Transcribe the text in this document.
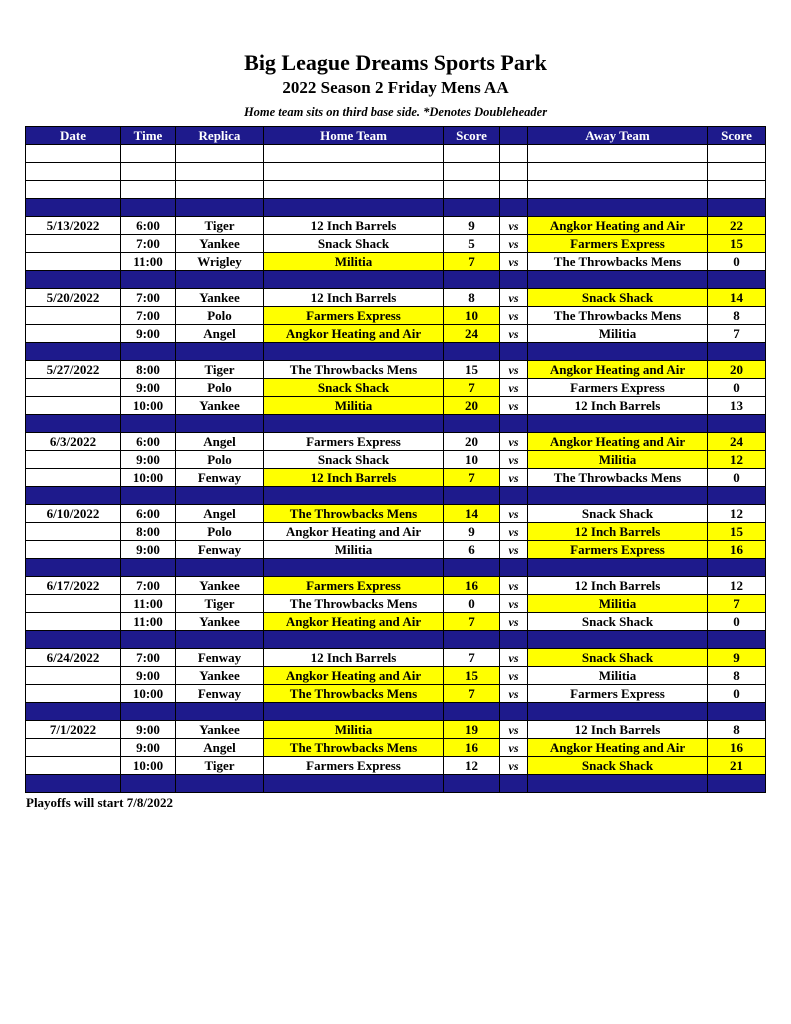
Big League Dreams Sports Park
2022 Season 2 Friday Mens AA
Home team sits on third base side. *Denotes Doubleheader
Date	Time	Replica	Home Team	Score		Away Team	Score

5/13/2022	6:00	Tiger	12 Inch Barrels	9	vs	Angkor Heating and Air	22
	7:00	Yankee	Snack Shack	5	vs	Farmers Express	15
	11:00	Wrigley	Militia	7	vs	The Throwbacks Mens	0

5/20/2022	7:00	Yankee	12 Inch Barrels	8	vs	Snack Shack	14
	7:00	Polo	Farmers Express	10	vs	The Throwbacks Mens	8
	9:00	Angel	Angkor Heating and Air	24	vs	Militia	7

5/27/2022	8:00	Tiger	The Throwbacks Mens	15	vs	Angkor Heating and Air	20
	9:00	Polo	Snack Shack	7	vs	Farmers Express	0
	10:00	Yankee	Militia	20	vs	12 Inch Barrels	13

6/3/2022	6:00	Angel	Farmers Express	20	vs	Angkor Heating and Air	24
	9:00	Polo	Snack Shack	10	vs	Militia	12
	10:00	Fenway	12 Inch Barrels	7	vs	The Throwbacks Mens	0

6/10/2022	6:00	Angel	The Throwbacks Mens	14	vs	Snack Shack	12
	8:00	Polo	Angkor Heating and Air	9	vs	12 Inch Barrels	15
	9:00	Fenway	Militia	6	vs	Farmers Express	16

6/17/2022	7:00	Yankee	Farmers Express	16	vs	12 Inch Barrels	12
	11:00	Tiger	The Throwbacks Mens	0	vs	Militia	7
	11:00	Yankee	Angkor Heating and Air	7	vs	Snack Shack	0

6/24/2022	7:00	Fenway	12 Inch Barrels	7	vs	Snack Shack	9
	9:00	Yankee	Angkor Heating and Air	15	vs	Militia	8
	10:00	Fenway	The Throwbacks Mens	7	vs	Farmers Express	0

7/1/2022	9:00	Yankee	Militia	19	vs	12 Inch Barrels	8
	9:00	Angel	The Throwbacks Mens	16	vs	Angkor Heating and Air	16
	10:00	Tiger	Farmers Express	12	vs	Snack Shack	21

Playoffs will start 7/8/2022
